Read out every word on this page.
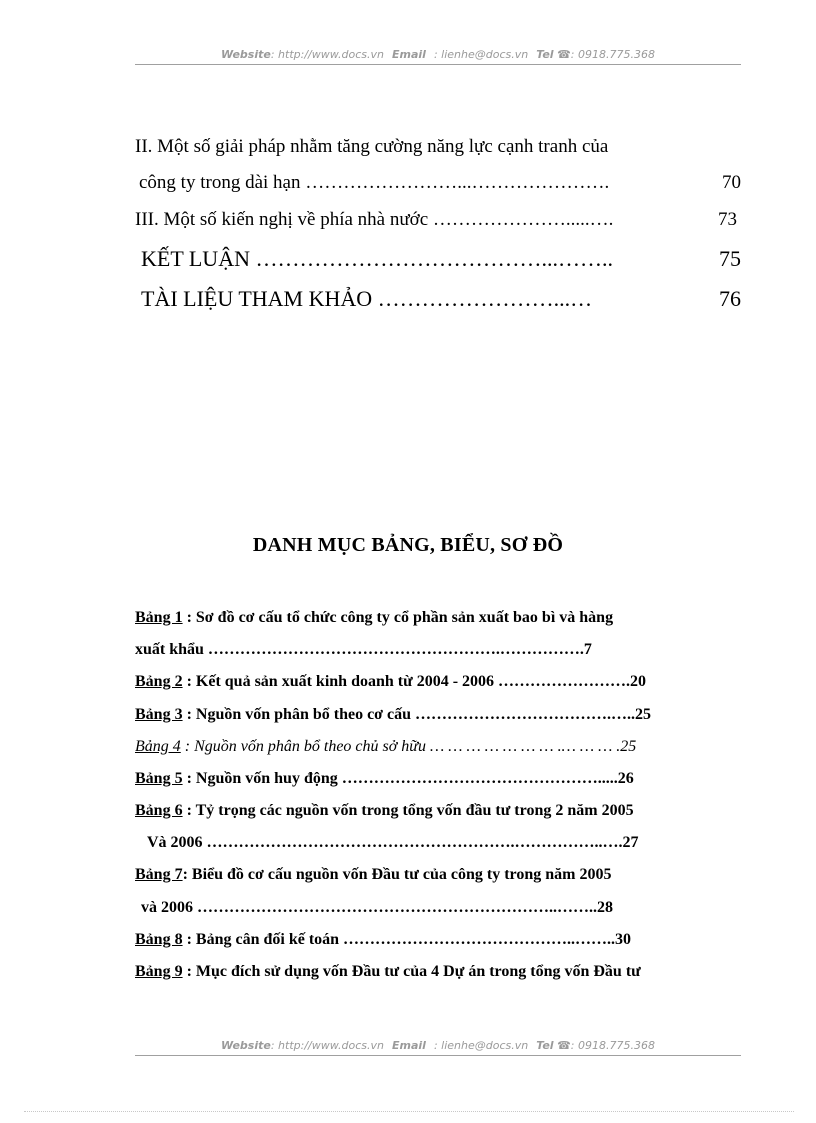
Website: http://www.docs.vn Email : lienhe@docs.vn Tel ☎: 0918.775.368
II. Một số giải pháp nhằm tăng cường năng lực cạnh tranh của
công ty trong dài hạn ……………………...………………….	70
III. Một số kiến nghị về phía nhà nước ………………….....….	73
KẾT LUẬN …………………………………...……..	75
TÀI LIỆU THAM KHẢO ……………………...…	76
DANH MỤC BẢNG, BIỂU, SƠ ĐỒ
Bảng 1 : Sơ đồ cơ cấu tổ chức công ty cổ phần sản xuất bao bì và hàng
xuất khẩu ……………………………………………….…………….7
Bảng 2 : Kết quả sản xuất kinh doanh từ 2004 - 2006 …………………….20
Bảng 3 : Nguồn vốn phân bổ theo cơ cấu ……………………………….…..25
Bảng 4 : Nguồn vốn phân bổ theo chủ sở hữu … … … … … … … .… … … .25
Bảng 5 : Nguồn vốn huy động ………………………………………….....26
Bảng 6 : Tỷ trọng các nguồn vốn trong tổng vốn đầu tư trong 2 năm 2005
Và 2006 ………………………………………………….……………..….27
Bảng 7: Biểu đồ cơ cấu nguồn vốn Đầu tư của công ty trong năm 2005
và 2006 …………………………………………………………..……..28
Bảng 8 : Bảng cân đối kế toán ……………………………………..……..30
Bảng 9 : Mục đích sử dụng vốn Đầu tư của 4 Dự án trong tổng vốn Đầu tư
Website: http://www.docs.vn Email : lienhe@docs.vn Tel ☎: 0918.775.368
